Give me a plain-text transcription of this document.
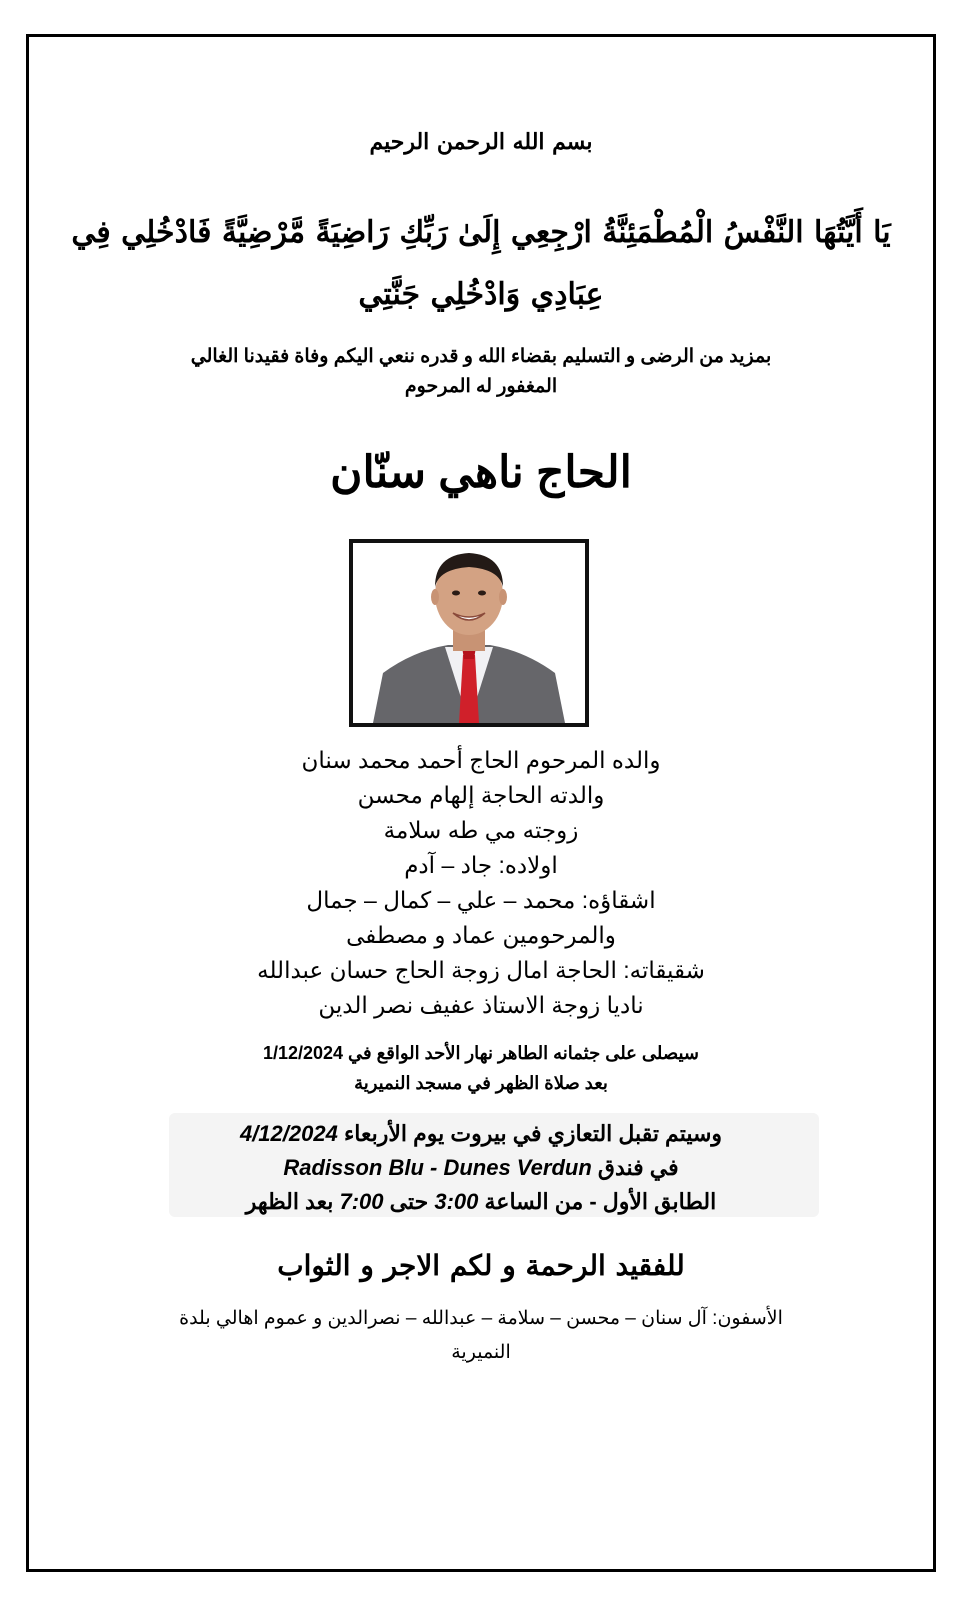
بسم الله الرحمن الرحيم
يَا أَيَّتُهَا النَّفْسُ الْمُطْمَئِنَّةُ ارْجِعِي إِلَىٰ رَبِّكِ رَاضِيَةً مَّرْضِيَّةً فَادْخُلِي فِي
عِبَادِي وَادْخُلِي جَنَّتِي
بمزيد من الرضى و التسليم بقضاء الله و قدره ننعي اليكم وفاة فقيدنا الغالي
المغفور له المرحوم
الحاج ناهي سنّان
والده المرحوم الحاج أحمد محمد سنان
والدته الحاجة إلهام محسن
زوجته مي طه سلامة
اولاده: جاد – آدم
اشقاؤه: محمد – علي – كمال – جمال
والمرحومين عماد و مصطفى
شقيقاته: الحاجة امال زوجة الحاج حسان عبدالله
ناديا زوجة الاستاذ عفيف نصر الدين
سيصلى على جثمانه الطاهر نهار الأحد الواقع في 1/12/2024
بعد صلاة الظهر في مسجد النميرية
وسيتم تقبل التعازي في بيروت يوم الأربعاء 4/12/2024
في فندق Radisson Blu - Dunes Verdun
الطابق الأول - من الساعة 3:00 حتى 7:00 بعد الظهر
للفقيد الرحمة و لكم الاجر و الثواب
الأسفون: آل سنان – محسن – سلامة – عبدالله – نصرالدين و عموم اهالي بلدة
النميرية
